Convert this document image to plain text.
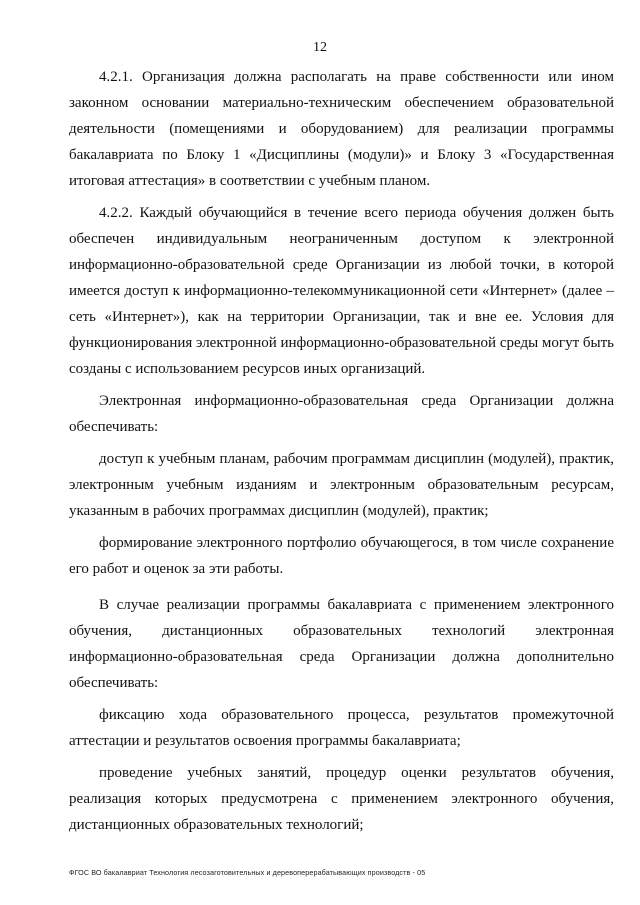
12

4.2.1. Организация должна располагать на праве собственности или ином законном основании материально-техническим обеспечением образовательной деятельности (помещениями и оборудованием) для реализации программы бакалавриата по Блоку 1 «Дисциплины (модули)» и Блоку 3 «Государственная итоговая аттестация» в соответствии с учебным планом.

4.2.2. Каждый обучающийся в течение всего периода обучения должен быть обеспечен индивидуальным неограниченным доступом к электронной информационно-образовательной среде Организации из любой точки, в которой имеется доступ к информационно-телекоммуникационной сети «Интернет» (далее – сеть «Интернет»), как на территории Организации, так и вне ее. Условия для функционирования электронной информационно-образовательной среды могут быть созданы с использованием ресурсов иных организаций.

Электронная информационно-образовательная среда Организации должна обеспечивать:

доступ к учебным планам, рабочим программам дисциплин (модулей), практик, электронным учебным изданиям и электронным образовательным ресурсам, указанным в рабочих программах дисциплин (модулей), практик;

формирование электронного портфолио обучающегося, в том числе сохранение его работ и оценок за эти работы.

В случае реализации программы бакалавриата с применением электронного обучения, дистанционных образовательных технологий электронная информационно-образовательная среда Организации должна дополнительно обеспечивать:

фиксацию хода образовательного процесса, результатов промежуточной аттестации и результатов освоения программы бакалавриата;

проведение учебных занятий, процедур оценки результатов обучения, реализация которых предусмотрена с применением электронного обучения, дистанционных образовательных технологий;

ФГОС ВО бакалавриат Технология лесозаготовительных и деревоперерабатывающих производств - 05
